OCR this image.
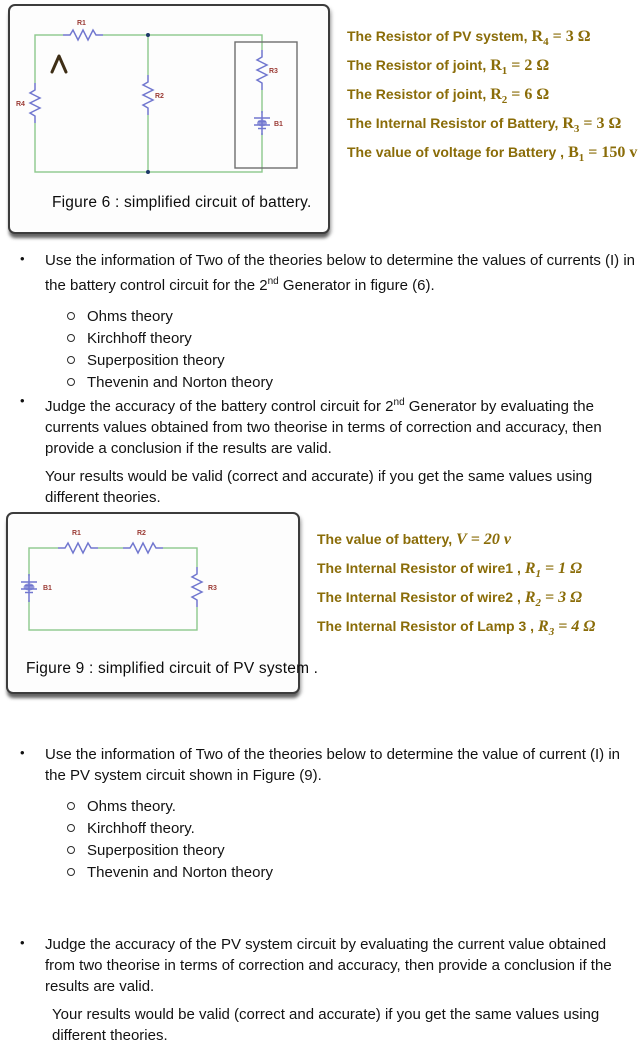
R1
R4
R2
R3
B1
Figure 6 : simplified circuit of battery.
The Resistor of PV system, $R_4 = 3$ Ω
The Resistor of joint, $R_1 = 2$ Ω
The Resistor of joint, $R_2 = 6$ Ω
The Internal Resistor of Battery, $R_3 = 3$ Ω
The value of voltage for Battery , $B_1 = 150$ v
•	Use the information of Two of the theories below to determine the values of currents (I) in the battery control circuit for the 2nd Generator in figure (6).
Ohms theory
Kirchhoff theory
Superposition theory
Thevenin and Norton theory
•	Judge the accuracy of the battery control circuit for 2nd Generator by evaluating the currents values obtained from two theorise in terms of correction and accuracy, then provide a conclusion if the results are valid.
Your results would be valid (correct and accurate) if you get the same values using different theories.
R1	R2
B1	R3
Figure 9 : simplified circuit of PV system .
The value of battery, V = 20 v
The Internal Resistor of wire1 , $R_1 = 1$ Ω
The Internal Resistor of wire2 , $R_2 = 3$ Ω
The Internal Resistor of Lamp 3 , $R_3 = 4$ Ω
•	Use the information of Two of the theories below to determine the value of current (I) in the PV system circuit shown in Figure (9).
Ohms theory.
Kirchhoff theory.
Superposition theory
Thevenin and Norton theory
•	Judge the accuracy of the PV system circuit by evaluating the current value obtained from two theorise in terms of correction and accuracy, then provide a conclusion if the results are valid.
Your results would be valid (correct and accurate) if you get the same values using different theories.
